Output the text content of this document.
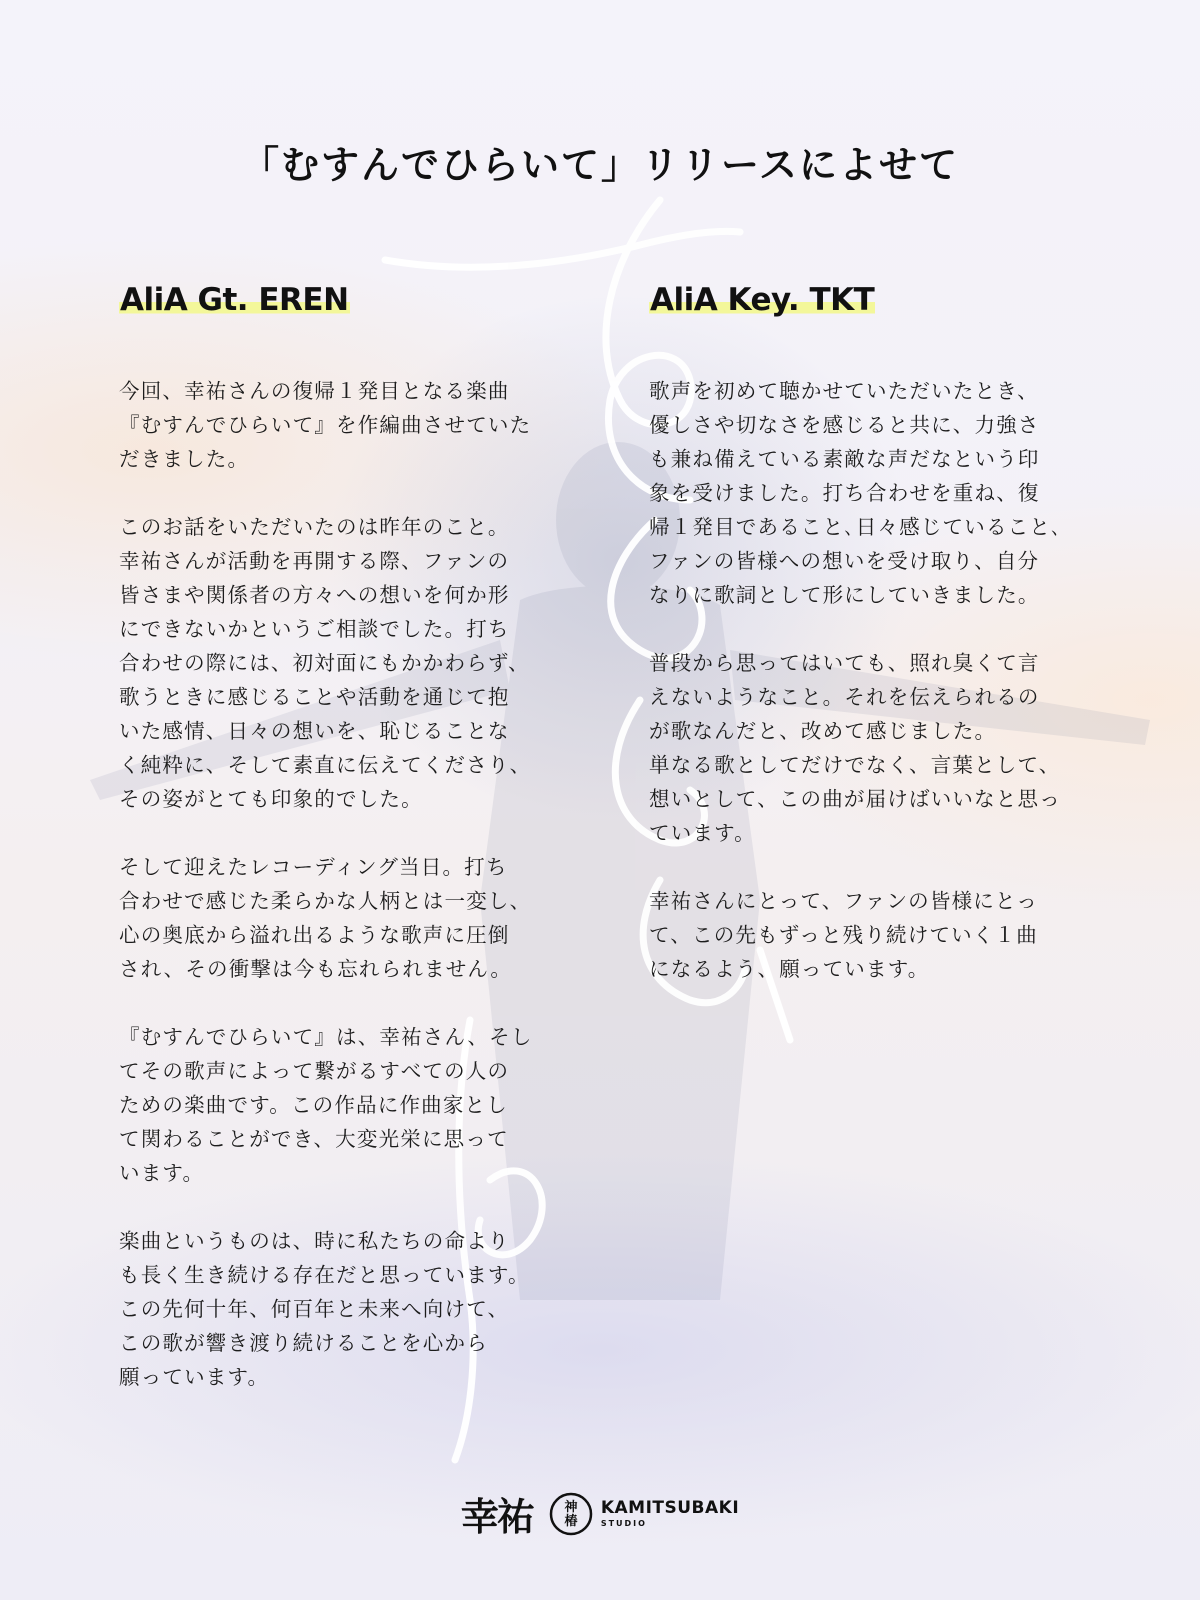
「むすんでひらいて」リリースによせて
AliA Gt. EREN

今回、幸祐さんの復帰１発目となる楽曲
『むすんでひらいて』を作編曲させていた
だきました。

このお話をいただいたのは昨年のこと。
幸祐さんが活動を再開する際、ファンの
皆さまや関係者の方々への想いを何か形
にできないかというご相談でした。打ち
合わせの際には、初対面にもかかわらず、
歌うときに感じることや活動を通じて抱
いた感情、日々の想いを、恥じることな
く純粋に、そして素直に伝えてくださり、
その姿がとても印象的でした。

そして迎えたレコーディング当日。打ち
合わせで感じた柔らかな人柄とは一変し、
心の奥底から溢れ出るような歌声に圧倒
され、その衝撃は今も忘れられません。

『むすんでひらいて』は、幸祐さん、そし
てその歌声によって繋がるすべての人の
ための楽曲です。この作品に作曲家とし
て関わることができ、大変光栄に思って
います。

楽曲というものは、時に私たちの命より
も長く生き続ける存在だと思っています。
この先何十年、何百年と未来へ向けて、
この歌が響き渡り続けることを心から
願っています。

AliA Key. TKT

歌声を初めて聴かせていただいたとき、
優しさや切なさを感じると共に、力強さ
も兼ね備えている素敵な声だなという印
象を受けました。打ち合わせを重ね、復
帰１発目であること､日々感じていること､
ファンの皆様への想いを受け取り、自分
なりに歌詞として形にしていきました。

普段から思ってはいても、照れ臭くて言
えないようなこと。それを伝えられるの
が歌なんだと、改めて感じました。
単なる歌としてだけでなく、言葉として、
想いとして、この曲が届けばいいなと思っ
ています。

幸祐さんにとって、ファンの皆様にとっ
て、この先もずっと残り続けていく１曲
になるよう、願っています。

幸祐 神椿
KAMITSUBAKI
STUDIO
